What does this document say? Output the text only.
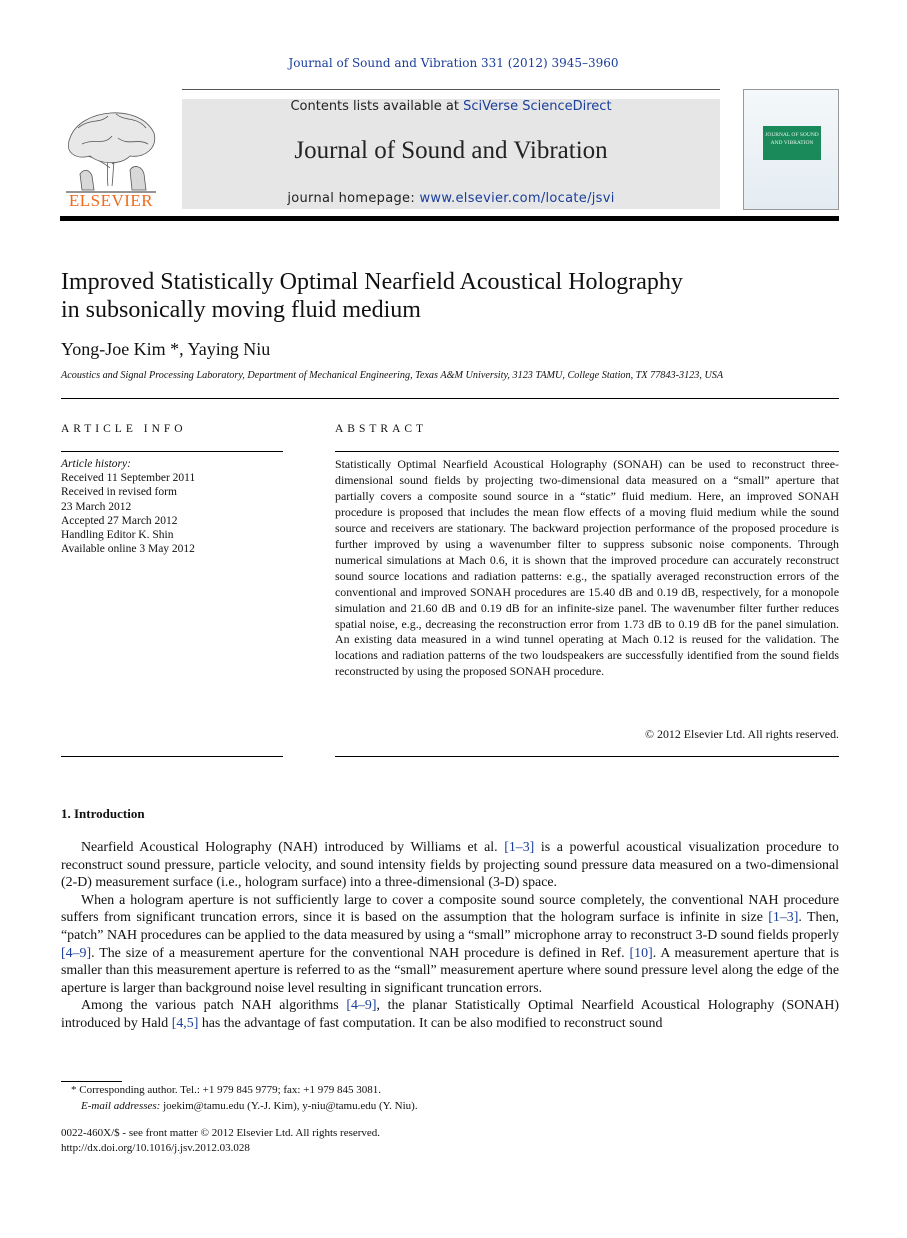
Journal of Sound and Vibration 331 (2012) 3945–3960
ELSEVIER
Contents lists available at SciVerse ScienceDirect
Journal of Sound and Vibration
journal homepage: www.elsevier.com/locate/jsvi
JOURNAL OF SOUND AND VIBRATION
Improved Statistically Optimal Nearfield Acoustical Holography
in subsonically moving fluid medium
Yong-Joe Kim *, Yaying Niu
Acoustics and Signal Processing Laboratory, Department of Mechanical Engineering, Texas A&M University, 3123 TAMU, College Station, TX 77843-3123, USA
ARTICLE INFO
Article history:
Received 11 September 2011
Received in revised form
23 March 2012
Accepted 27 March 2012
Handling Editor K. Shin
Available online 3 May 2012
ABSTRACT
Statistically Optimal Nearfield Acoustical Holography (SONAH) can be used to reconstruct three-dimensional sound fields by projecting two-dimensional data measured on a “small” aperture that partially covers a composite sound source in a “static” fluid medium. Here, an improved SONAH procedure is proposed that includes the mean flow effects of a moving fluid medium while the sound source and receivers are stationary. The backward projection performance of the proposed procedure is further improved by using a wavenumber filter to suppress subsonic noise components. Through numerical simulations at Mach 0.6, it is shown that the improved procedure can accurately reconstruct sound source locations and radiation patterns: e.g., the spatially averaged reconstruction errors of the conventional and improved SONAH procedures are 15.40 dB and 0.19 dB, respectively, for a monopole simulation and 21.60 dB and 0.19 dB for an infinite-size panel. The wavenumber filter further reduces spatial noise, e.g., decreasing the reconstruction error from 1.73 dB to 0.19 dB for the panel simulation. An existing data measured in a wind tunnel operating at Mach 0.12 is reused for the validation. The locations and radiation patterns of the two loudspeakers are successfully identified from the sound fields reconstructed by using the proposed SONAH procedure.
© 2012 Elsevier Ltd. All rights reserved.
1. Introduction

Nearfield Acoustical Holography (NAH) introduced by Williams et al. [1–3] is a powerful acoustical visualization procedure to reconstruct sound pressure, particle velocity, and sound intensity fields by projecting sound pressure data measured on a two-dimensional (2-D) measurement surface (i.e., hologram surface) into a three-dimensional (3-D) space.

When a hologram aperture is not sufficiently large to cover a composite sound source completely, the conventional NAH procedure suffers from significant truncation errors, since it is based on the assumption that the hologram surface is infinite in size [1–3]. Then, “patch” NAH procedures can be applied to the data measured by using a “small” microphone array to reconstruct 3-D sound fields properly [4–9]. The size of a measurement aperture for the conventional NAH procedure is defined in Ref. [10]. A measurement aperture that is smaller than this measurement aperture is referred to as the “small” measurement aperture where sound pressure level along the edge of the aperture is larger than background noise level resulting in significant truncation errors.

Among the various patch NAH algorithms [4–9], the planar Statistically Optimal Nearfield Acoustical Holography (SONAH) introduced by Hald [4,5] has the advantage of fast computation. It can be also modified to reconstruct sound

* Corresponding author. Tel.: +1 979 845 9779; fax: +1 979 845 3081.
E-mail addresses: joekim@tamu.edu (Y.-J. Kim), y-niu@tamu.edu (Y. Niu).
0022-460X/$ - see front matter © 2012 Elsevier Ltd. All rights reserved.
http://dx.doi.org/10.1016/j.jsv.2012.03.028
